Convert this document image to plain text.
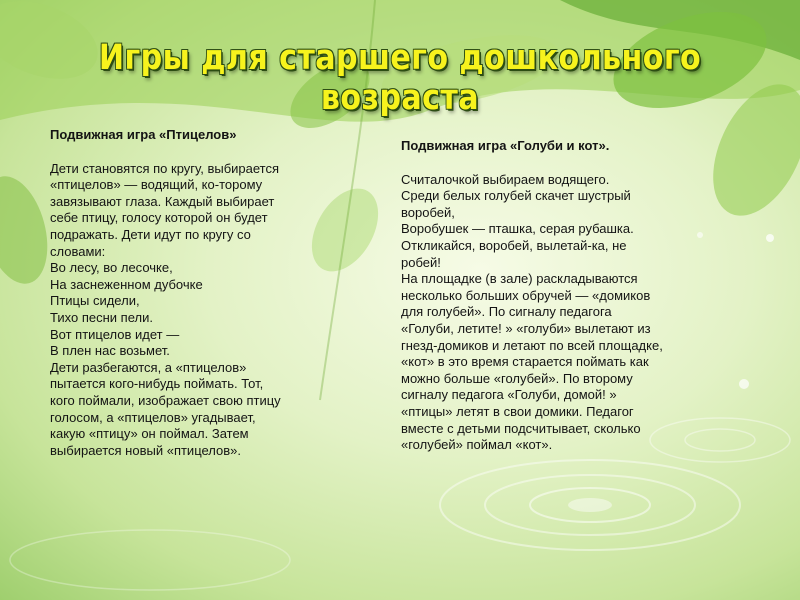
Игры для старшего дошкольного возраста
Подвижная игра «Птицелов»
Дети становятся по кругу, выбирается
«птицелов» — водящий, ко-торому
завязывают глаза. Каждый выбирает
себе птицу, голосу которой он будет
подражать. Дети идут по кругу со
словами:
Во лесу, во лесочке,
На заснеженном дубочке
Птицы сидели,
Тихо песни пели.
Вот птицелов идет —
В плен нас возьмет.
Дети разбегаются, а «птицелов»
пытается кого-нибудь поймать. Тот,
кого поймали, изображает свою птицу
голосом, а «птицелов» угадывает,
какую «птицу» он поймал. Затем
выбирается новый «птицелов».
Подвижная игра «Голуби и кот».
Считалочкой выбираем водящего.
Среди белых голубей скачет шустрый
воробей,
Воробушек — пташка, серая рубашка.
Откликайся, воробей, вылетай-ка, не
робей!
На площадке (в зале) раскладываются
несколько больших обручей — «домиков
для голубей». По сигналу педагога
«Голуби, летите! » «голуби» вылетают из
гнезд-домиков и летают по всей площадке,
«кот» в это время старается поймать как
можно больше «голубей». По второму
сигналу педагога «Голуби, домой! »
«птицы» летят в свои домики. Педагог
вместе с детьми подсчитывает, сколько
«голубей» поймал «кот».
